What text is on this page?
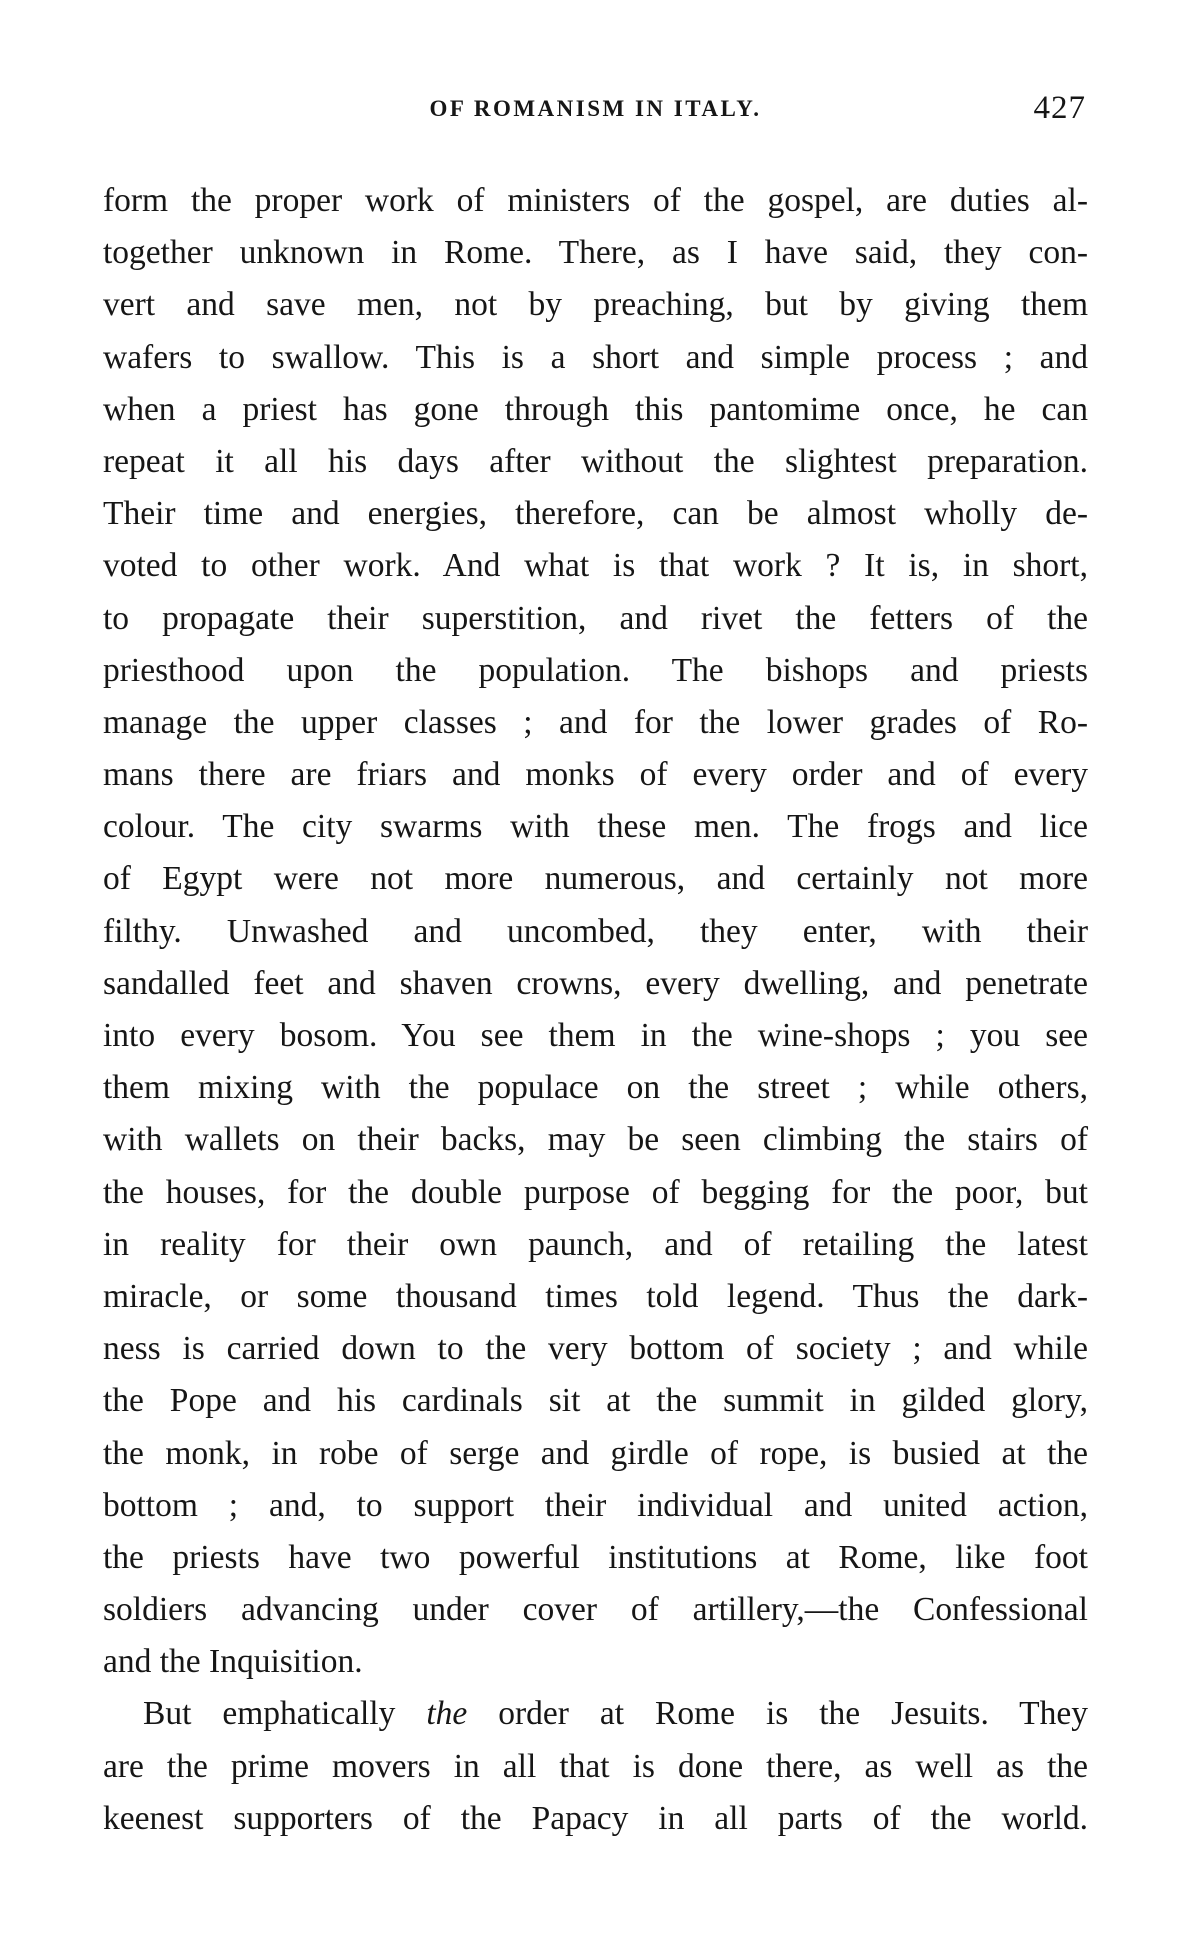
OF ROMANISM IN ITALY.	427
form the proper work of ministers of the gospel, are duties al-
together unknown in Rome. There, as I have said, they con-
vert and save men, not by preaching, but by giving them
wafers to swallow. This is a short and simple process ; and
when a priest has gone through this pantomime once, he can
repeat it all his days after without the slightest preparation.
Their time and energies, therefore, can be almost wholly de-
voted to other work. And what is that work ? It is, in short,
to propagate their superstition, and rivet the fetters of the
priesthood upon the population. The bishops and priests
manage the upper classes ; and for the lower grades of Ro-
mans there are friars and monks of every order and of every
colour. The city swarms with these men. The frogs and lice
of Egypt were not more numerous, and certainly not more
filthy. Unwashed and uncombed, they enter, with their
sandalled feet and shaven crowns, every dwelling, and penetrate
into every bosom. You see them in the wine-shops ; you see
them mixing with the populace on the street ; while others,
with wallets on their backs, may be seen climbing the stairs of
the houses, for the double purpose of begging for the poor, but
in reality for their own paunch, and of retailing the latest
miracle, or some thousand times told legend. Thus the dark-
ness is carried down to the very bottom of society ; and while
the Pope and his cardinals sit at the summit in gilded glory,
the monk, in robe of serge and girdle of rope, is busied at the
bottom ; and, to support their individual and united action,
the priests have two powerful institutions at Rome, like foot
soldiers advancing under cover of artillery,—the Confessional
and the Inquisition.
But emphatically the order at Rome is the Jesuits. They
are the prime movers in all that is done there, as well as the
keenest supporters of the Papacy in all parts of the world.
